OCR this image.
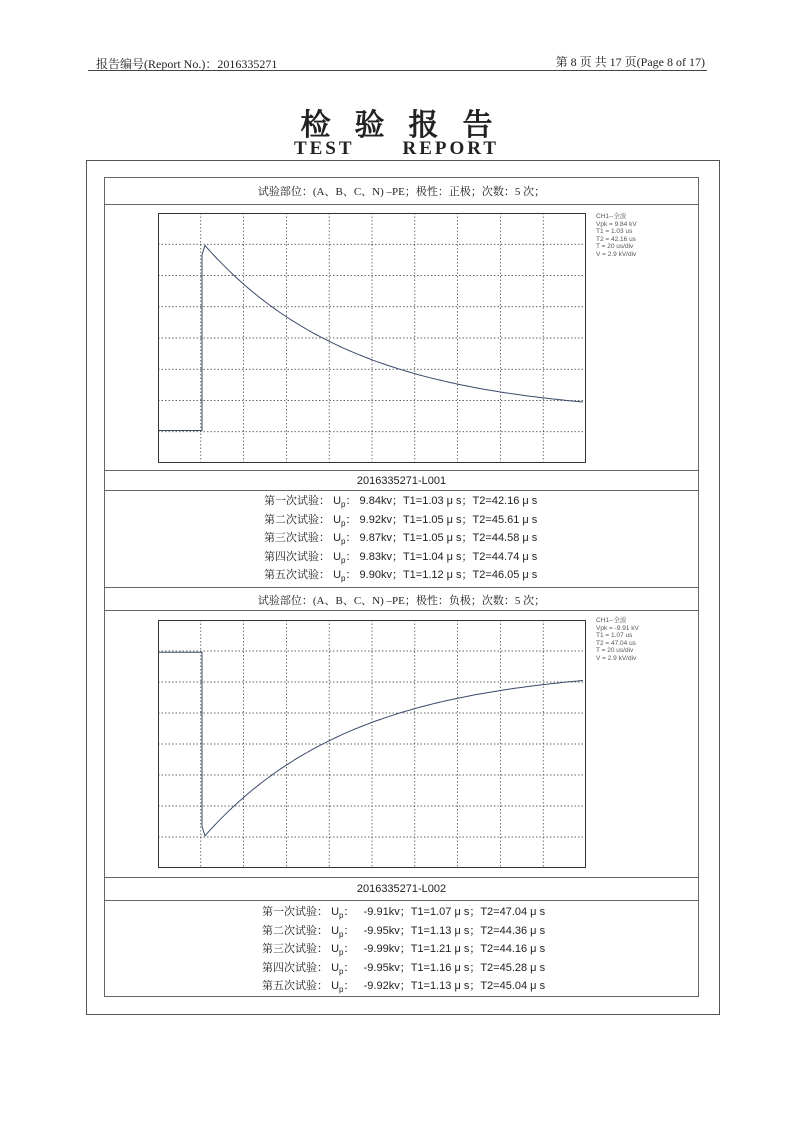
报告编号(Report No.)：2016335271	第 8 页 共 17 页(Page 8 of 17)
检验报告
TEST	REPORT
试验部位：(A、B、C、N) –PE；极性：正极；次数：5 次；
CH1--全波
Vpk = 9.84 kV
T1 = 1.03 us
T2 = 42.16 us
T = 20 us/div
V = 2.9 kV/div
2016335271-L001
第一次试验： $U_p$： 9.84kv；T1=1.03 μ s；T2=42.16 μ s
第二次试验： $U_p$： 9.92kv；T1=1.05 μ s；T2=45.61 μ s
第三次试验： $U_p$： 9.87kv；T1=1.05 μ s；T2=44.58 μ s
第四次试验： $U_p$： 9.83kv；T1=1.04 μ s；T2=44.74 μ s
第五次试验： $U_p$： 9.90kv；T1=1.12 μ s；T2=46.05 μ s
试验部位：(A、B、C、N) –PE；极性：负极；次数：5 次；
CH1--全波
Vpk = -9.91 kV
T1 = 1.07 us
T2 = 47.04 us
T = 20 us/div
V = 2.9 kV/div
2016335271-L002
第一次试验： $U_p$： -9.91kv；T1=1.07 μ s；T2=47.04 μ s
第二次试验： $U_p$： -9.95kv；T1=1.13 μ s；T2=44.36 μ s
第三次试验： $U_p$： -9.99kv；T1=1.21 μ s；T2=44.16 μ s
第四次试验： $U_p$： -9.95kv；T1=1.16 μ s；T2=45.28 μ s
第五次试验： $U_p$： -9.92kv；T1=1.13 μ s；T2=45.04 μ s
